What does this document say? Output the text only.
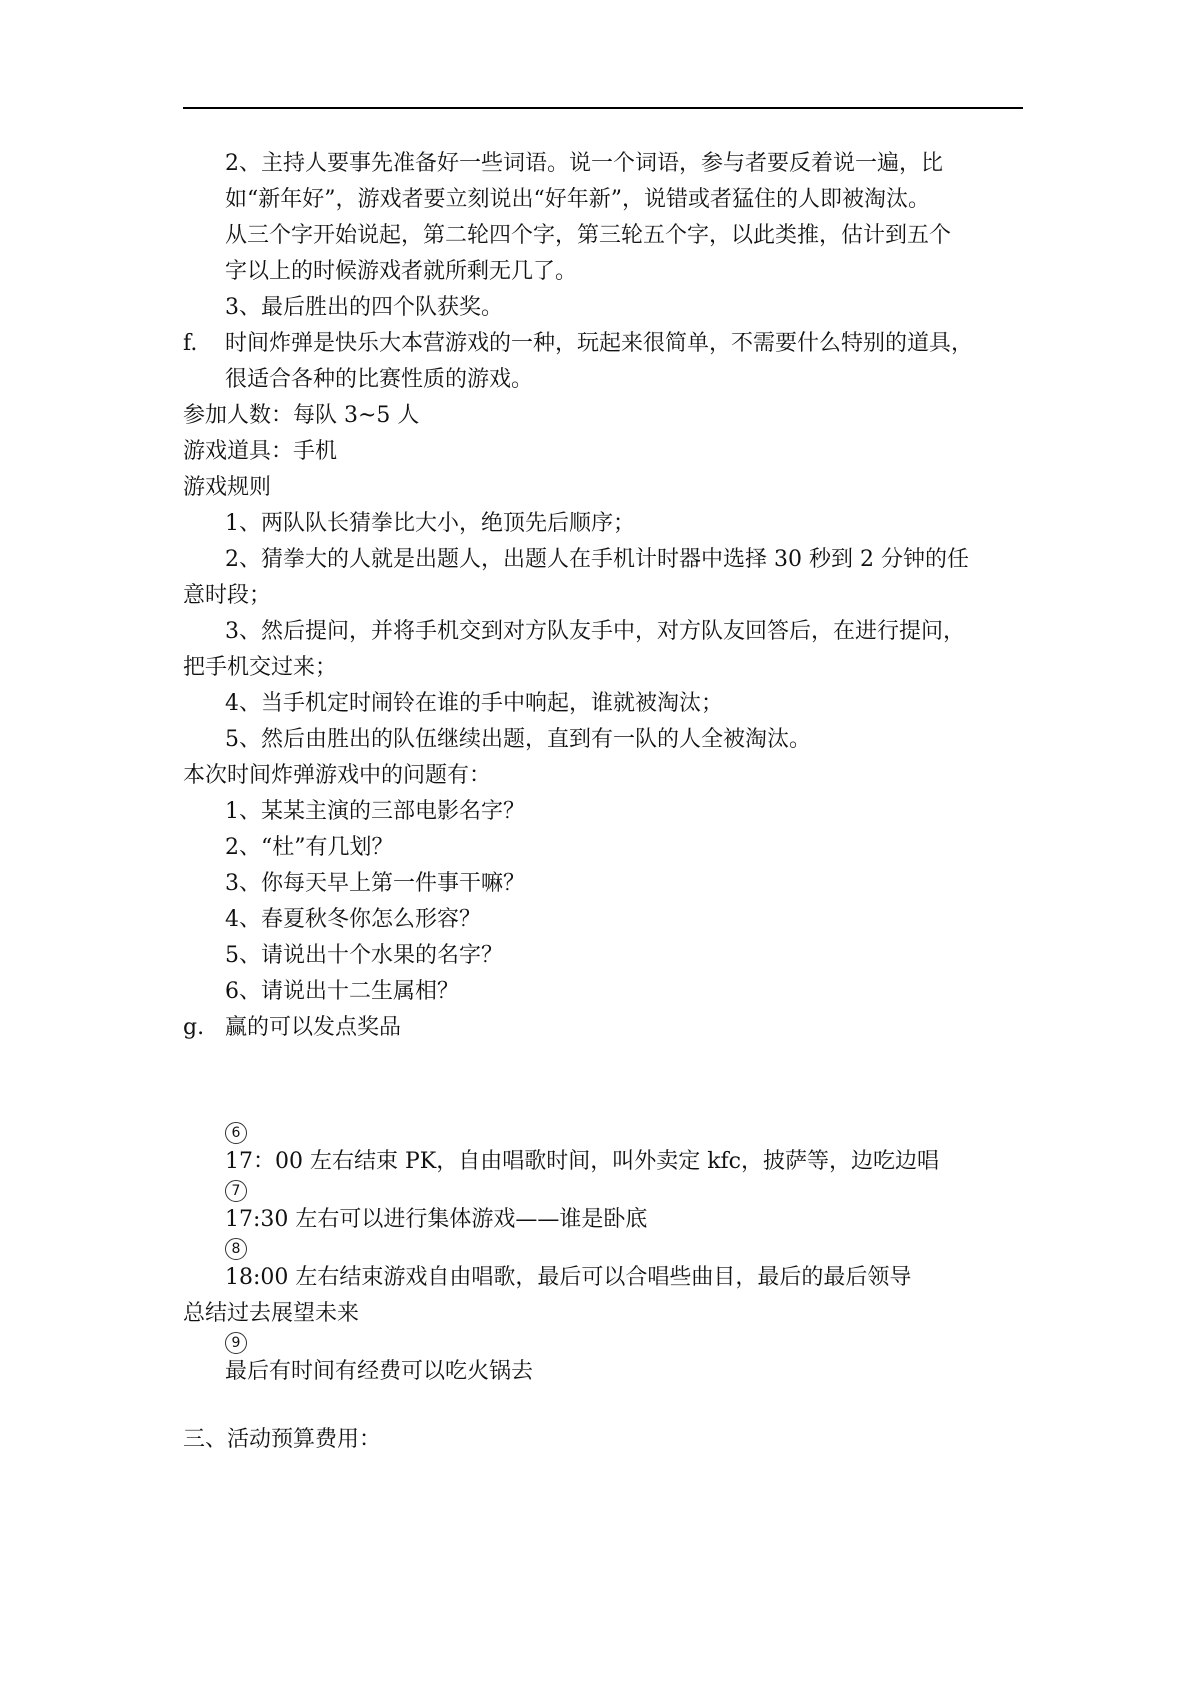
2、主持人要事先准备好一些词语。说一个词语，参与者要反着说一遍，比
如“新年好”，游戏者要立刻说出“好年新”，说错或者猛住的人即被淘汰。
从三个字开始说起，第二轮四个字，第三轮五个字，以此类推，估计到五个
字以上的时候游戏者就所剩无几了。

3、最后胜出的四个队获奖。

f. 时间炸弹是快乐大本营游戏的一种，玩起来很简单，不需要什么特别的道具，
很适合各种的比赛性质的游戏。

参加人数：每队 3~5 人

游戏道具：手机

游戏规则

1、两队队长猜拳比大小，绝顶先后顺序；
2、猜拳大的人就是出题人，出题人在手机计时器中选择 30 秒到 2 分钟的任
意时段；
3、然后提问，并将手机交到对方队友手中，对方队友回答后，在进行提问，
把手机交过来；
4、当手机定时闹铃在谁的手中响起，谁就被淘汰；
5、然后由胜出的队伍继续出题，直到有一队的人全被淘汰。

本次时间炸弹游戏中的问题有：

1、某某主演的三部电影名字？

2、“杜”有几划？

3、你每天早上第一件事干嘛？

4、春夏秋冬你怎么形容？

5、请说出十个水果的名字？

6、请说出十二生属相？

g. 赢的可以发点奖品
6
17：00 左右结束 PK，自由唱歌时间，叫外卖定 kfc，披萨等，边吃边唱
7
17:30 左右可以进行集体游戏——谁是卧底
8
18:00 左右结束游戏自由唱歌，最后可以合唱些曲目，最后的最后领导
总结过去展望未来
9
最后有时间有经费可以吃火锅去

三、活动预算费用：
